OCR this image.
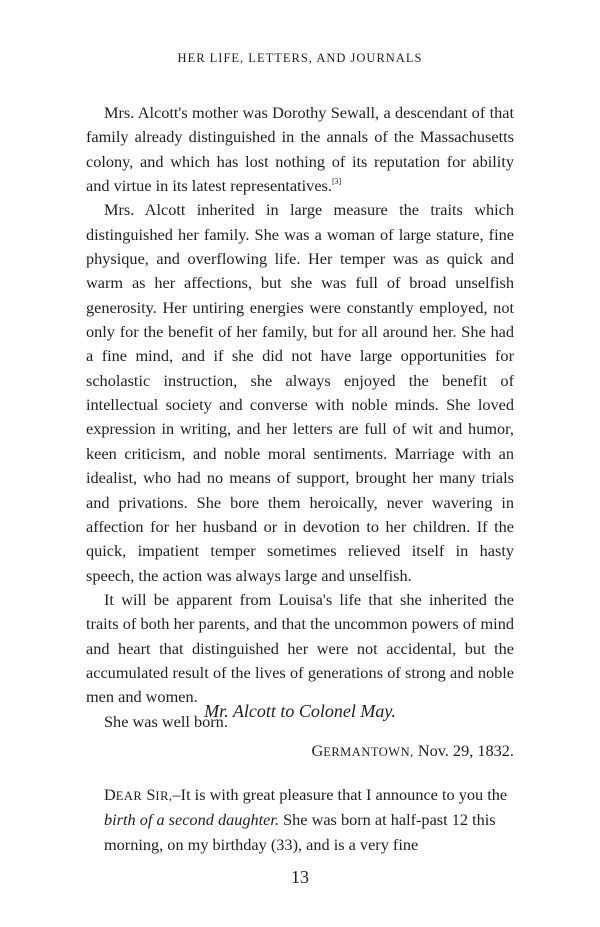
HER LIFE, LETTERS, AND JOURNALS

Mrs. Alcott's mother was Dorothy Sewall, a descendant of that family already distinguished in the annals of the Massachusetts colony, and which has lost nothing of its reputation for ability and virtue in its latest representatives.[3]

Mrs. Alcott inherited in large measure the traits which distinguished her family. She was a woman of large stature, fine physique, and overflowing life. Her temper was as quick and warm as her affections, but she was full of broad unselfish generosity. Her untiring energies were constantly employed, not only for the benefit of her family, but for all around her. She had a fine mind, and if she did not have large opportunities for scholastic instruction, she always enjoyed the benefit of intellectual society and converse with noble minds. She loved expression in writing, and her letters are full of wit and humor, keen criticism, and noble moral sentiments. Marriage with an idealist, who had no means of support, brought her many trials and privations. She bore them heroically, never wavering in affection for her husband or in devotion to her children. If the quick, impatient temper sometimes relieved itself in hasty speech, the action was always large and unselfish.

It will be apparent from Louisa's life that she inherited the traits of both her parents, and that the uncommon powers of mind and heart that distinguished her were not accidental, but the accumulated result of the lives of generations of strong and noble men and women.

She was well born.

Mr. Alcott to Colonel May.
GERMANTOWN, Nov. 29, 1832.
DEAR SIR,–It is with great pleasure that I announce to you the birth of a second daughter. She was born at half-past 12 this morning, on my birthday (33), and is a very fine
13
